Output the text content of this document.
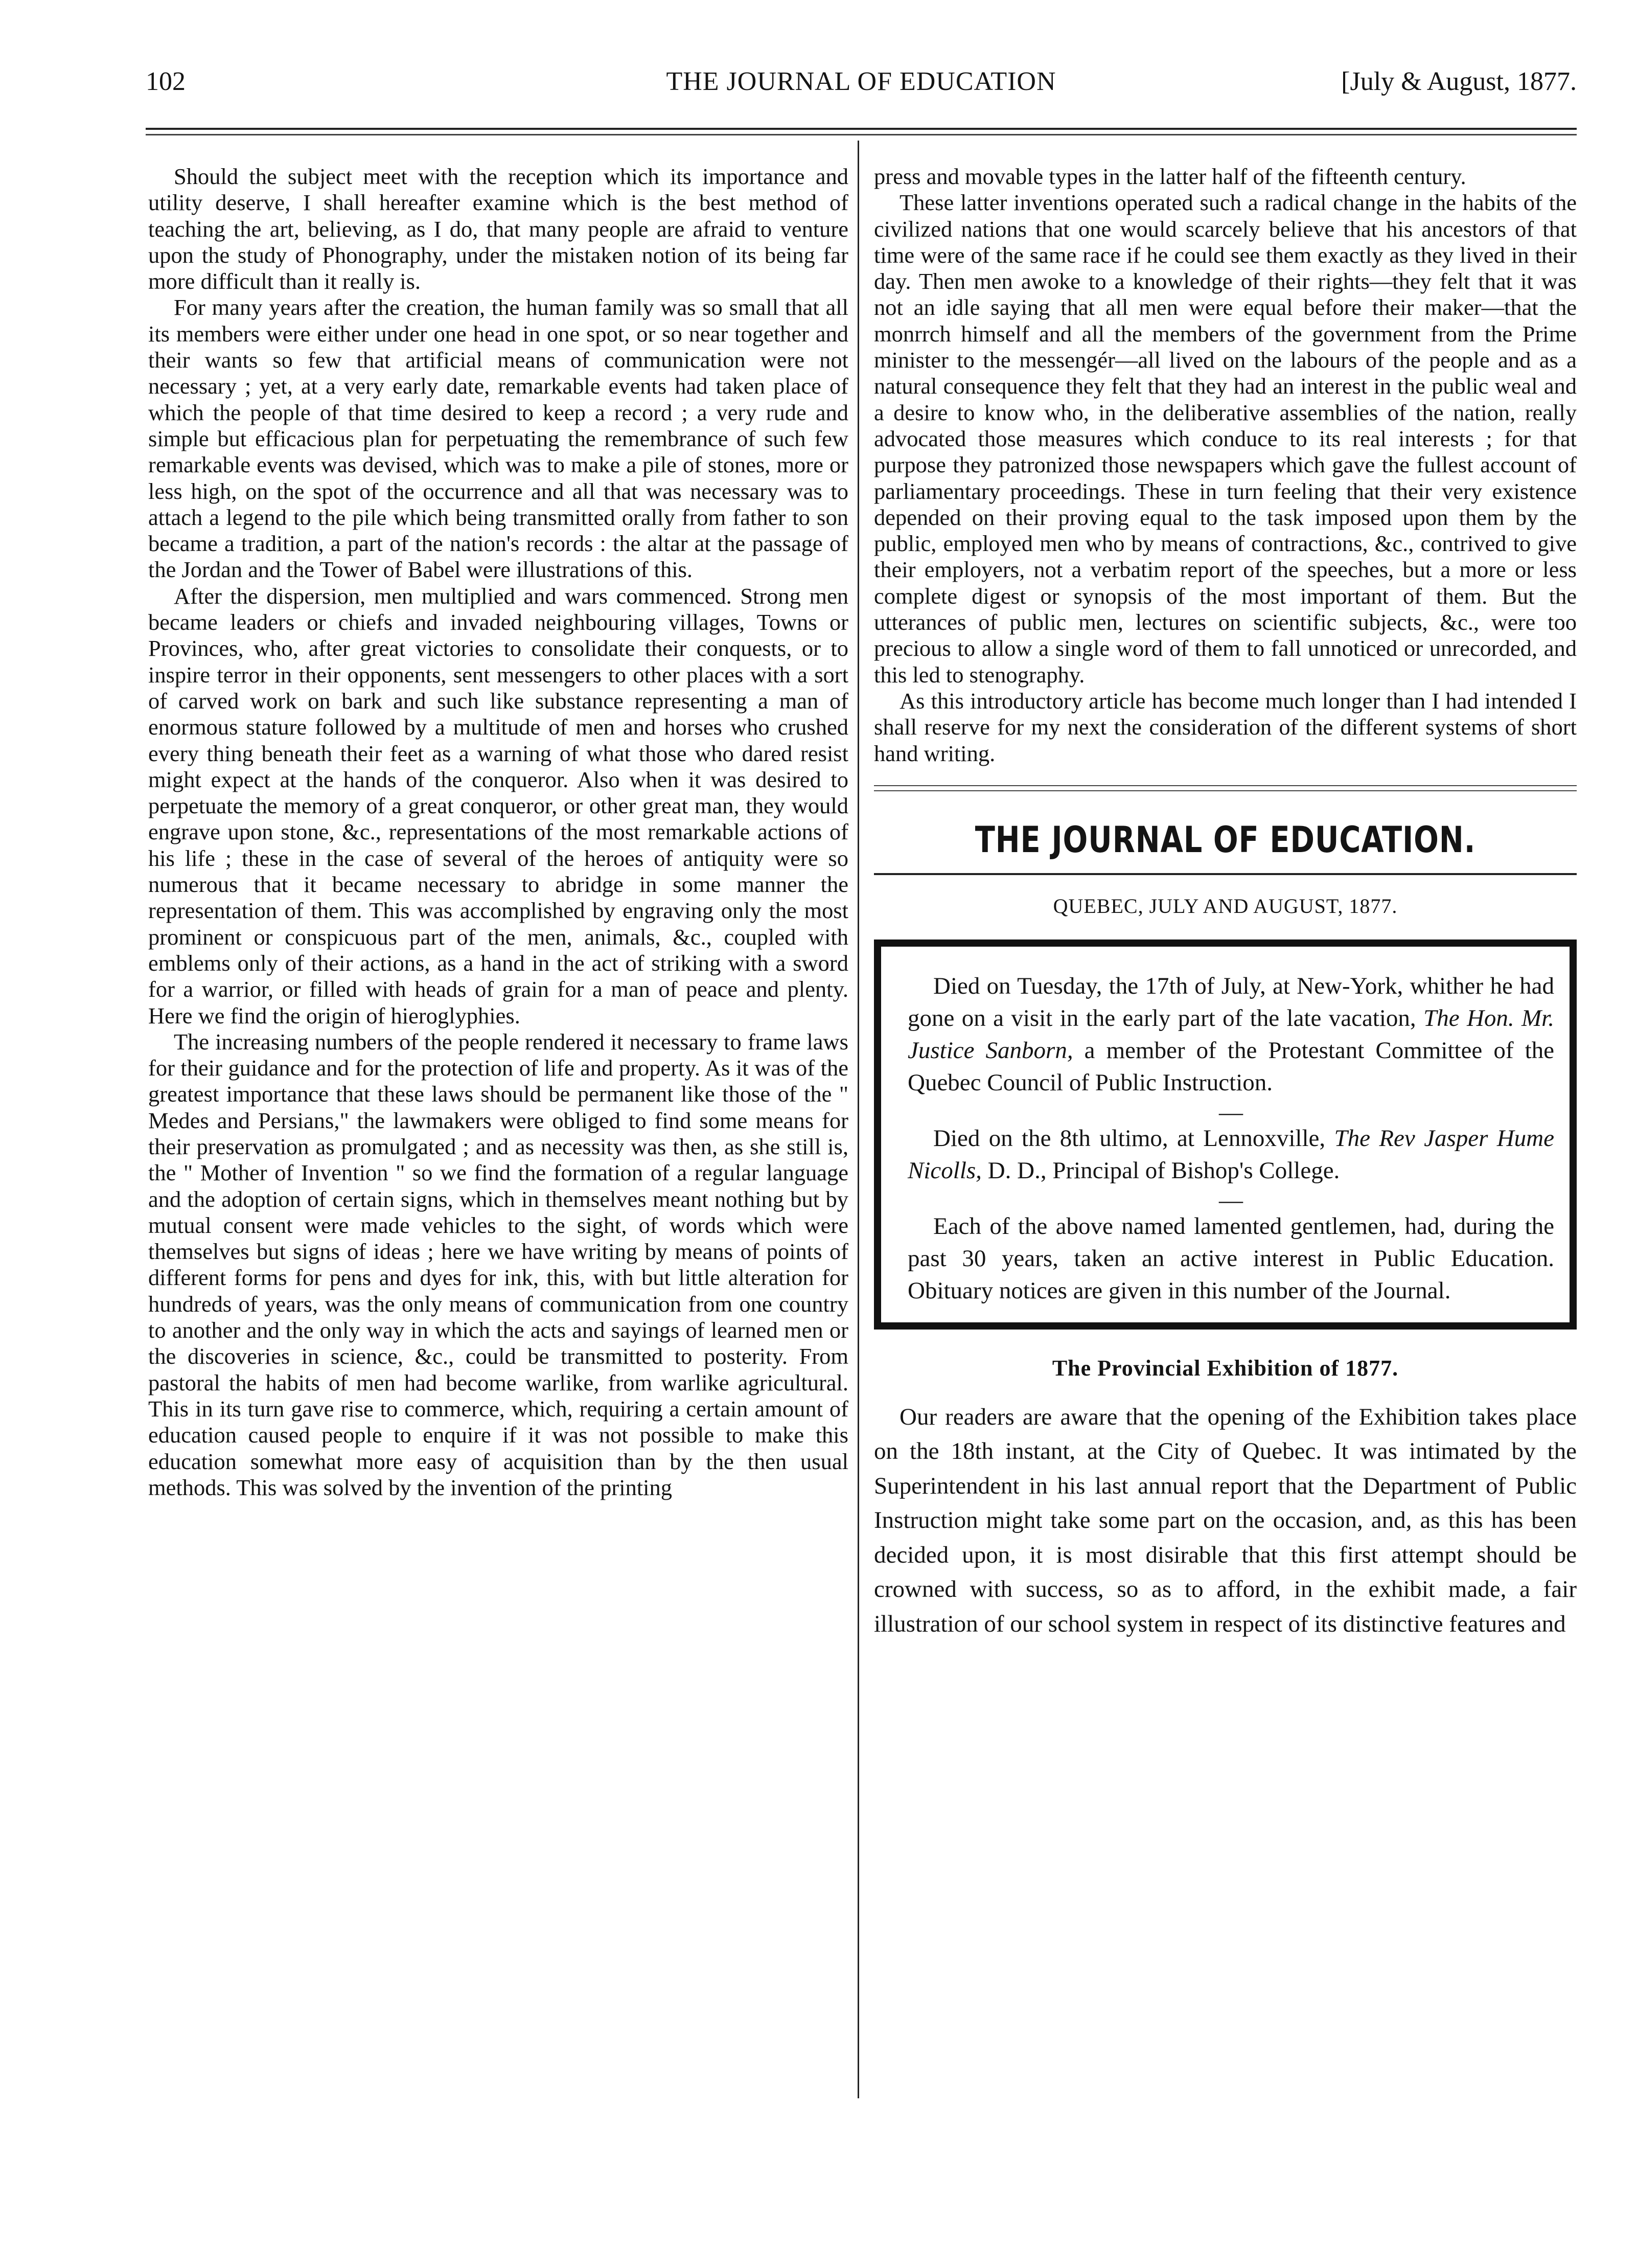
102	THE JOURNAL OF EDUCATION	[July & August, 1877.

Should the subject meet with the reception which its importance and utility deserve, I shall hereafter examine which is the best method of teaching the art, believing, as I do, that many people are afraid to venture upon the study of Phonography, under the mistaken notion of its being far more difficult than it really is.

For many years after the creation, the human family was so small that all its members were either under one head in one spot, or so near together and their wants so few that artificial means of communication were not necessary ; yet, at a very early date, remarkable events had taken place of which the people of that time desired to keep a record ; a very rude and simple but efficacious plan for perpetuating the remembrance of such few remarkable events was devised, which was to make a pile of stones, more or less high, on the spot of the occurrence and all that was necessary was to attach a legend to the pile which being transmitted orally from father to son became a tradition, a part of the nation's records : the altar at the passage of the Jordan and the Tower of Babel were illustrations of this.

After the dispersion, men multiplied and wars commenced. Strong men became leaders or chiefs and invaded neighbouring villages, Towns or Provinces, who, after great victories to consolidate their conquests, or to inspire terror in their opponents, sent messengers to other places with a sort of carved work on bark and such like substance representing a man of enormous stature followed by a multitude of men and horses who crushed every thing beneath their feet as a warning of what those who dared resist might expect at the hands of the conqueror. Also when it was desired to perpetuate the memory of a great conqueror, or other great man, they would engrave upon stone, &c., representations of the most remarkable actions of his life ; these in the case of several of the heroes of antiquity were so numerous that it became necessary to abridge in some manner the representation of them. This was accomplished by engraving only the most prominent or conspicuous part of the men, animals, &c., coupled with emblems only of their actions, as a hand in the act of striking with a sword for a warrior, or filled with heads of grain for a man of peace and plenty. Here we find the origin of hieroglyphies.

The increasing numbers of the people rendered it necessary to frame laws for their guidance and for the protection of life and property. As it was of the greatest importance that these laws should be permanent like those of the " Medes and Persians," the lawmakers were obliged to find some means for their preservation as promulgated ; and as necessity was then, as she still is, the " Mother of Invention " so we find the formation of a regular language and the adoption of certain signs, which in themselves meant nothing but by mutual consent were made vehicles to the sight, of words which were themselves but signs of ideas ; here we have writing by means of points of different forms for pens and dyes for ink, this, with but little alteration for hundreds of years, was the only means of communication from one country to another and the only way in which the acts and sayings of learned men or the discoveries in science, &c., could be transmitted to posterity. From pastoral the habits of men had become warlike, from warlike agricultural. This in its turn gave rise to commerce, which, requiring a certain amount of education caused people to enquire if it was not possible to make this education somewhat more easy of acquisition than by the then usual methods. This was solved by the invention of the printing

press and movable types in the latter half of the fifteenth century.

These latter inventions operated such a radical change in the habits of the civilized nations that one would scarcely believe that his ancestors of that time were of the same race if he could see them exactly as they lived in their day. Then men awoke to a knowledge of their rights—they felt that it was not an idle saying that all men were equal before their maker—that the monrrch himself and all the members of the government from the Prime minister to the messengér—all lived on the labours of the people and as a natural consequence they felt that they had an interest in the public weal and a desire to know who, in the deliberative assemblies of the nation, really advocated those measures which conduce to its real interests ; for that purpose they patronized those newspapers which gave the fullest account of parliamentary proceedings. These in turn feeling that their very existence depended on their proving equal to the task imposed upon them by the public, employed men who by means of contractions, &c., contrived to give their employers, not a verbatim report of the speeches, but a more or less complete digest or synopsis of the most important of them. But the utterances of public men, lectures on scientific subjects, &c., were too precious to allow a single word of them to fall unnoticed or unrecorded, and this led to stenography.

As this introductory article has become much longer than I had intended I shall reserve for my next the consideration of the different systems of short hand writing.

THE JOURNAL OF EDUCATION.
QUEBEC, JULY AND AUGUST, 1877.

Died on Tuesday, the 17th of July, at New-York, whither he had gone on a visit in the early part of the late vacation, The Hon. Mr. Justice Sanborn, a member of the Protestant Committee of the Quebec Council of Public Instruction.

—

Died on the 8th ultimo, at Lennoxville, The Rev Jasper Hume Nicolls, D. D., Principal of Bishop's College.

—

Each of the above named lamented gentlemen, had, during the past 30 years, taken an active interest in Public Education. Obituary notices are given in this number of the Journal.

The Provincial Exhibition of 1877.

Our readers are aware that the opening of the Exhibition takes place on the 18th instant, at the City of Quebec. It was intimated by the Superintendent in his last annual report that the Department of Public Instruction might take some part on the occasion, and, as this has been decided upon, it is most disirable that this first attempt should be crowned with success, so as to afford, in the exhibit made, a fair illustration of our school system in respect of its distinctive features and
